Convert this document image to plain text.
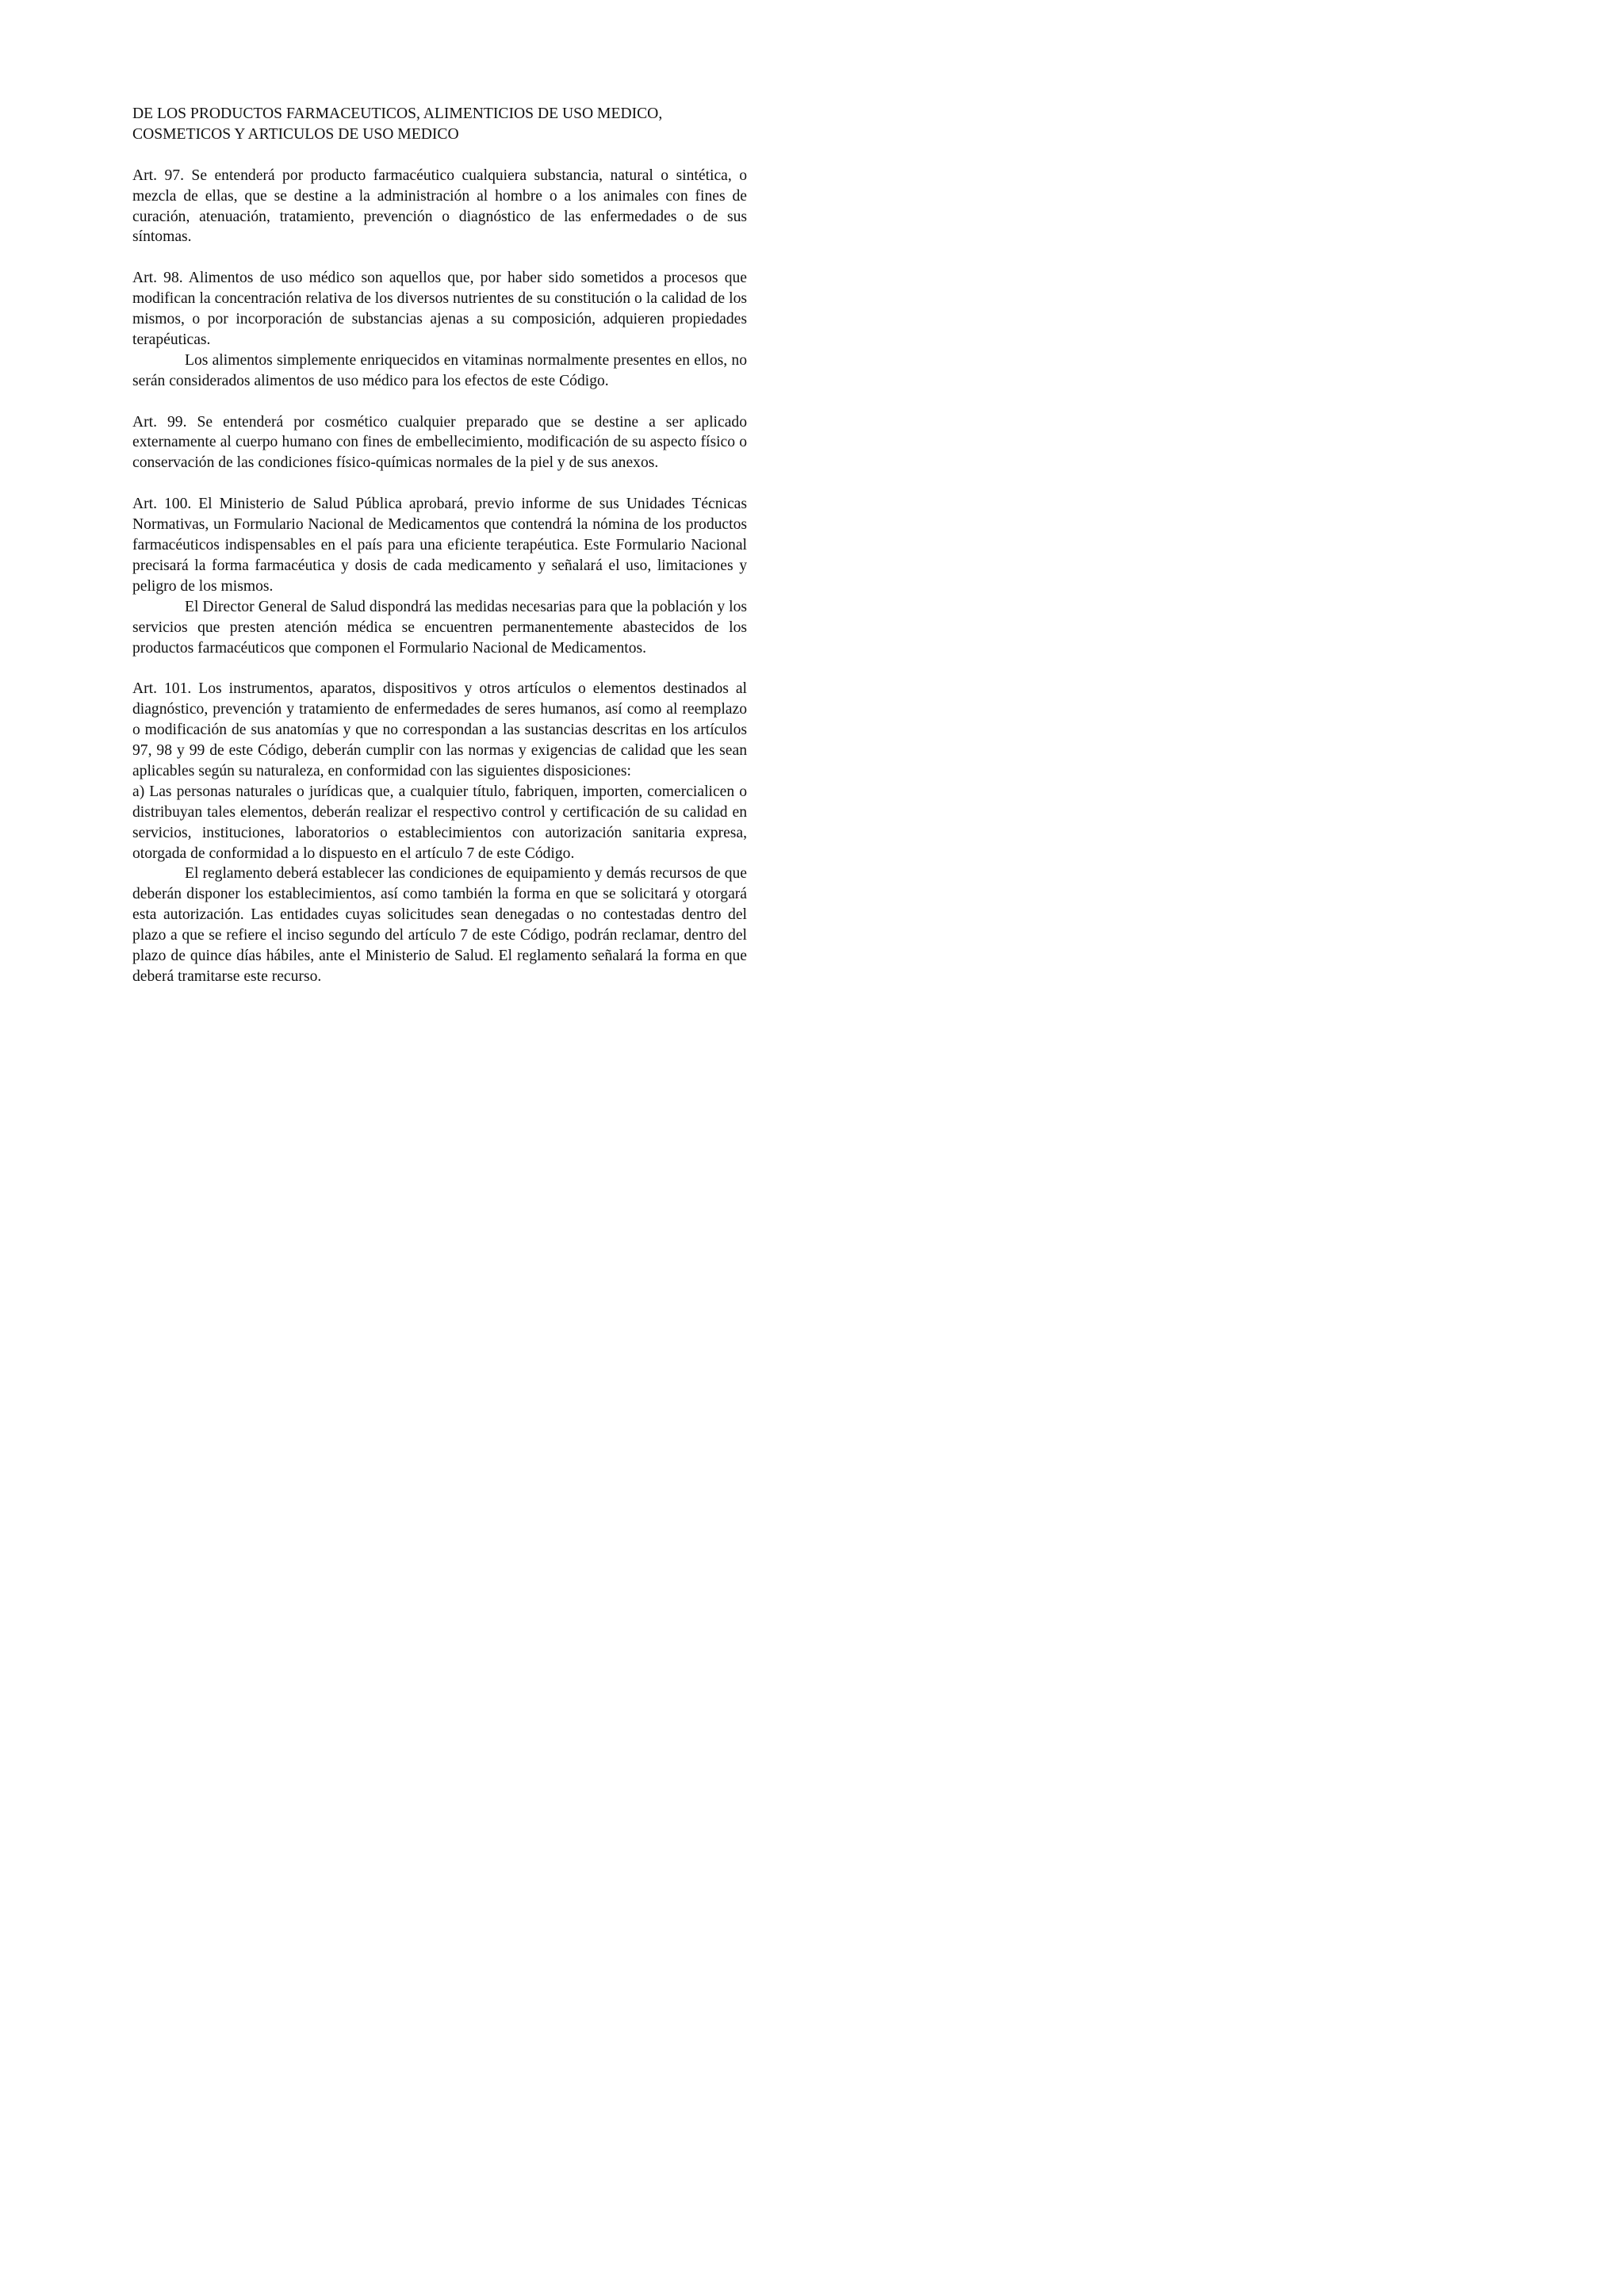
DE LOS PRODUCTOS FARMACEUTICOS, ALIMENTICIOS DE USO MEDICO,
COSMETICOS Y ARTICULOS DE USO MEDICO

Art. 97. Se entenderá por producto farmacéutico cualquiera substancia, natural o sintética, o mezcla de ellas, que se destine a la administración al hombre o a los animales con fines de curación, atenuación, tratamiento, prevención o diagnóstico de las enfermedades o de sus síntomas.

Art. 98. Alimentos de uso médico son aquellos que, por haber sido sometidos a procesos que modifican la concentración relativa de los diversos nutrientes de su constitución o la calidad de los mismos, o por incorporación de substancias ajenas a su composición, adquieren propiedades terapéuticas.

Los alimentos simplemente enriquecidos en vitaminas normalmente presentes en ellos, no serán considerados alimentos de uso médico para los efectos de este Código.

Art. 99. Se entenderá por cosmético cualquier preparado que se destine a ser aplicado externamente al cuerpo humano con fines de embellecimiento, modificación de su aspecto físico o conservación de las condiciones físico-químicas normales de la piel y de sus anexos.

Art. 100. El Ministerio de Salud Pública aprobará, previo informe de sus Unidades Técnicas Normativas, un Formulario Nacional de Medicamentos que contendrá la nómina de los productos farmacéuticos indispensables en el país para una eficiente terapéutica. Este Formulario Nacional precisará la forma farmacéutica y dosis de cada medicamento y señalará el uso, limitaciones y peligro de los mismos.

El Director General de Salud dispondrá las medidas necesarias para que la población y los servicios que presten atención médica se encuentren permanentemente abastecidos de los productos farmacéuticos que componen el Formulario Nacional de Medicamentos.

Art. 101. Los instrumentos, aparatos, dispositivos y otros artículos o elementos destinados al diagnóstico, prevención y tratamiento de enfermedades de seres humanos, así como al reemplazo o modificación de sus anatomías y que no correspondan a las sustancias descritas en los artículos 97, 98 y 99 de este Código, deberán cumplir con las normas y exigencias de calidad que les sean aplicables según su naturaleza, en conformidad con las siguientes disposiciones:

a) Las personas naturales o jurídicas que, a cualquier título, fabriquen, importen, comercialicen o distribuyan tales elementos, deberán realizar el respectivo control y certificación de su calidad en servicios, instituciones, laboratorios o establecimientos con autorización sanitaria expresa, otorgada de conformidad a lo dispuesto en el artículo 7 de este Código.

El reglamento deberá establecer las condiciones de equipamiento y demás recursos de que deberán disponer los establecimientos, así como también la forma en que se solicitará y otorgará esta autorización. Las entidades cuyas solicitudes sean denegadas o no contestadas dentro del plazo a que se refiere el inciso segundo del artículo 7 de este Código, podrán reclamar, dentro del plazo de quince días hábiles, ante el Ministerio de Salud. El reglamento señalará la forma en que deberá tramitarse este recurso.
